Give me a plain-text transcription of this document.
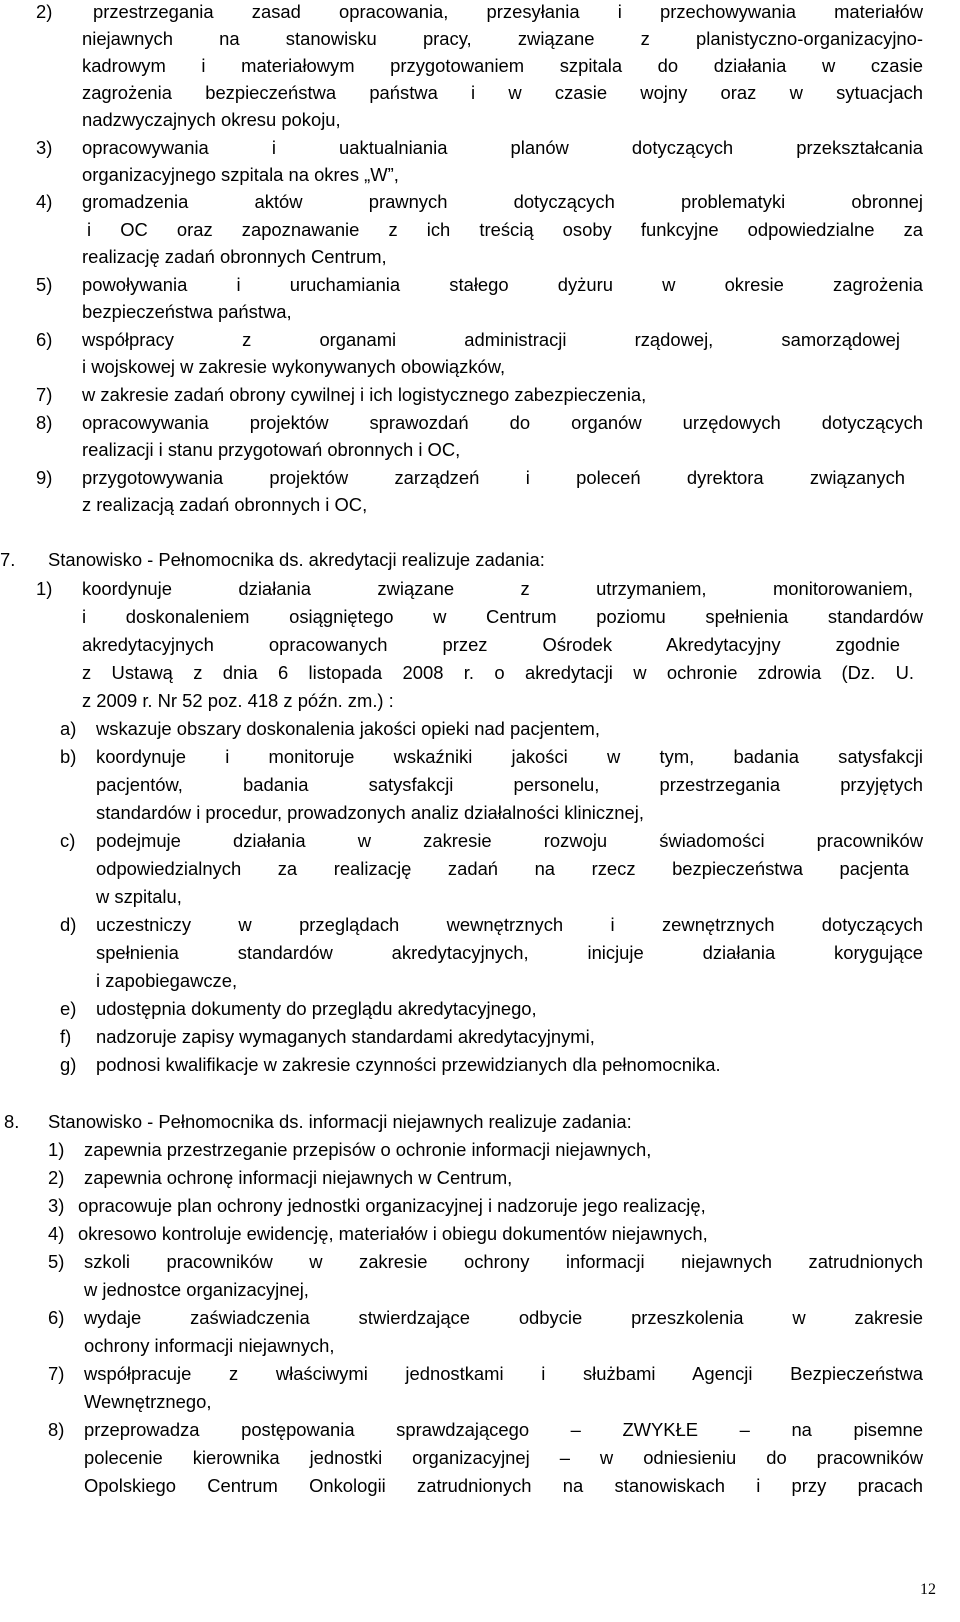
2) przestrzegania zasad opracowania, przesyłania i przechowywania materiałów
niejawnych na stanowisku pracy, związane z planistyczno-organizacyjno-
kadrowym i materiałowym przygotowaniem szpitala do działania w czasie
zagrożenia bezpieczeństwa państwa i w czasie wojny oraz w sytuacjach
nadzwyczajnych okresu pokoju,
3) opracowywania i uaktualniania planów dotyczących przekształcania
organizacyjnego szpitala na okres „W”,
4) gromadzenia aktów prawnych dotyczących problematyki obronnej
i OC oraz zapoznawanie z ich treścią osoby funkcyjne odpowiedzialne za
realizację zadań obronnych Centrum,
5) powoływania i uruchamiania stałego dyżuru w okresie zagrożenia
bezpieczeństwa państwa,
6) współpracy z organami administracji rządowej, samorządowej
i wojskowej w zakresie wykonywanych obowiązków,
7) w zakresie zadań obrony cywilnej i ich logistycznego zabezpieczenia,
8) opracowywania projektów sprawozdań do organów urzędowych dotyczących
realizacji i stanu przygotowań obronnych i OC,
9) przygotowywania projektów zarządzeń i poleceń dyrektora związanych
z realizacją zadań obronnych i OC,
7. Stanowisko - Pełnomocnika ds. akredytacji realizuje zadania:
1) koordynuje działania związane z utrzymaniem, monitorowaniem,
i doskonaleniem osiągniętego w Centrum poziomu spełnienia standardów
akredytacyjnych opracowanych przez Ośrodek Akredytacyjny zgodnie
z Ustawą z dnia 6 listopada 2008 r. o akredytacji w ochronie zdrowia (Dz. U.
z 2009 r. Nr 52 poz. 418 z późn. zm.) :
a) wskazuje obszary doskonalenia jakości opieki nad pacjentem,
b) koordynuje i monitoruje wskaźniki jakości w tym, badania satysfakcji
pacjentów, badania satysfakcji personelu, przestrzegania przyjętych
standardów i procedur, prowadzonych analiz działalności klinicznej,
c) podejmuje działania w zakresie rozwoju świadomości pracowników
odpowiedzialnych za realizację zadań na rzecz bezpieczeństwa pacjenta
w szpitalu,
d) uczestniczy w przeglądach wewnętrznych i zewnętrznych dotyczących
spełnienia standardów akredytacyjnych, inicjuje działania korygujące
i zapobiegawcze,
e) udostępnia dokumenty do przeglądu akredytacyjnego,
f) nadzoruje zapisy wymaganych standardami akredytacyjnymi,
g) podnosi kwalifikacje w zakresie czynności przewidzianych dla pełnomocnika.
8. Stanowisko - Pełnomocnika ds. informacji niejawnych realizuje zadania:
1) zapewnia przestrzeganie przepisów o ochronie informacji niejawnych,
2) zapewnia ochronę informacji niejawnych w Centrum,
3) opracowuje plan ochrony jednostki organizacyjnej i nadzoruje jego realizację,
4) okresowo kontroluje ewidencję, materiałów i obiegu dokumentów niejawnych,
5) szkoli pracowników w zakresie ochrony informacji niejawnych zatrudnionych
w jednostce organizacyjnej,
6) wydaje zaświadczenia stwierdzające odbycie przeszkolenia w zakresie
ochrony informacji niejawnych,
7) współpracuje z właściwymi jednostkami i służbami Agencji Bezpieczeństwa
Wewnętrznego,
8) przeprowadza postępowania sprawdzającego – ZWYKŁE – na pisemne
polecenie kierownika jednostki organizacyjnej – w odniesieniu do pracowników
Opolskiego Centrum Onkologii zatrudnionych na stanowiskach i przy pracach
12
